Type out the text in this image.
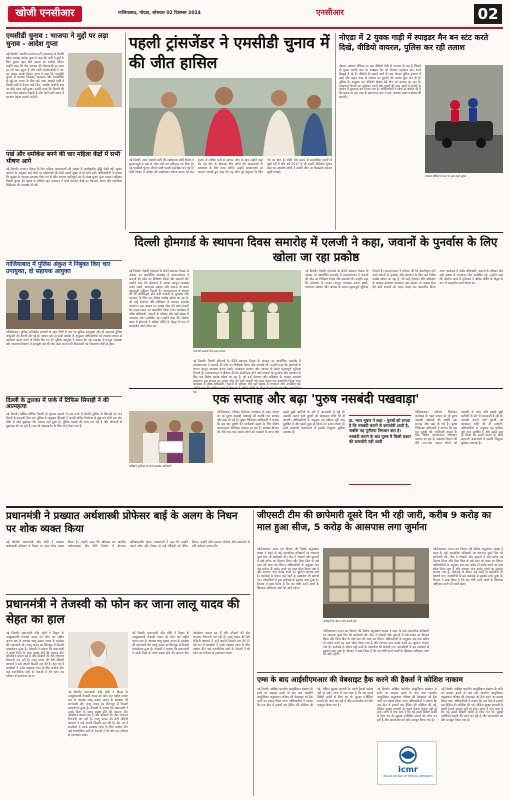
खोजी एनसीआर	गाजियाबाद, नोएडा, सोमवार 02 दिसम्बर 2024	एनसीआर	02
एमसीडी चुनाव : भाजपा ने मुद्दों पर लड़ा चुनाव - आदेश गुप्ता
नई दिल्ली। भारतीय जनता पार्टी (भाजपा) के दिल्ली प्रदेश अध्यक्ष आदेश गुप्ता ने कहा कि पार्टी ने मुद्दों के लिए चुनाव लड़ा और जनता का भरोसा जीता। उन्होंने कहा कि केंद्र सरकार की योजनाओं का लाभ हर वर्ग तक पहुंचा है और पार्टी कार्यकर्ताओं ने घर-घर जाकर संपर्क किया। गुप्ता ने कहा कि एमसीडी चुनाव में भाजपा विकास, स्वच्छता और पारदर्शिता के मुद्दे पर जनता के बीच गई। आम आदमी पार्टी ने पिछले वर्षों में केवल वादे किए, जबकि जमीनी स्तर पर कोई काम नहीं हुआ। उन्होंने कहा कि दिल्ली की जनता अब बदलाव चाहती है और आने वाले समय में भाजपा बेहतर प्रदर्शन करेगी।
पखं और धमोकेश बनने की चार महिला केंद्रों में सभी भीषण आगे
नई दिल्ली। मतदान दिवस के दिन महिला मतदाताओं की संख्या में उल्लेखनीय वृद्धि देखी गई। चुनाव आयोग के अनुसार कई केंद्रों पर महिलाओं की लंबी कतारें सुबह से ही लगी रहीं। अधिकारियों ने बताया कि सुरक्षा के व्यापक इंतजाम किए गए थे और मतदान शांतिपूर्ण ढंग से संपन्न हुआ। कुल मतदान प्रतिशत पिछले चुनाव की तुलना में अधिक रहा। प्रशासन ने सभी मतदान केंद्रों पर पेयजल, छाया और प्राथमिक चिकित्सा की व्यवस्था की थी।
गाजियाबाद में पुलिस अंकुश ने निबुक्त किए चार उपायुक्त, दो सहायक आयुक्त
गाजियाबाद। पुलिस कमिश्नरेट प्रणाली के तहत जिले में चार नए पुलिस उपायुक्त और दो सहायक पुलिस आयुक्तों की तैनाती की गई है। शासन स्तर से जारी आदेश के अनुसार अधिकारियों को तत्काल प्रभाव से कार्यभार ग्रहण करने के निर्देश दिए गए हैं। पुलिस आयुक्त ने बताया कि नई व्यवस्था से कानून व्यवस्था और अपराध नियंत्रण में मजबूती आएगी तथा आम जनता की शिकायतों का निस्तारण तेजी से होगा।
दिल्ली के द्वारका में पार्क में टिफिस सिपाही ने की आत्महत्या
नई दिल्ली। दक्षिण-पश्चिम दिल्ली के द्वारका इलाके में एक पार्क में दिल्ली पुलिस के सिपाही का शव मिलने से सनसनी फैल गई। पुलिस के अनुसार सिपाही ने अपनी सर्विस रिवॉल्वर से खुद को गोली मार ली। मौके से कोई सुसाइड नोट बरामद नहीं हुआ है। पुलिस मामले की जांच कर रही है और परिजनों से पूछताछ की जा रही है। शव को पोस्टमार्टम के लिए भेज दिया गया है।
पहली ट्रांसजेंडर ने एमसीडी चुनाव में की जीत हासिल
नई दिल्ली। आम आदमी पार्टी की उम्मीदवार बॉबी किन्नर ने सुल्तानपुरी-ए वार्ड से जीत दर्ज कर इतिहास रच दिया है। वह एमसीडी चुनाव जीतने वाली पहली ट्रांसजेंडर बन गई हैं। बॉबी किन्नर ने कांग्रेस की उम्मीदवार वरुणा ढाका को छह हजार से अधिक मतों से हराया। जीत के बाद उन्होंने कहा कि वह क्षेत्र के विकास और लोगों की समस्याओं के समाधान के लिए काम करेंगी। उन्होंने मतदाताओं का आभार जताते हुए कहा कि यह जीत पूरे समुदाय के लिए गर्व का क्षण है। बॉबी लंबे समय से सामाजिक कार्यों से जुड़ी रही हैं और वर्ष 2017 में भी उन्होंने निर्दलीय चुनाव लड़ा था। स्थानीय लोगों ने उनकी जीत पर मिठाइयां बांटकर खुशी जताई।
नोएडा में 2 युवक गाड़ी में स्पाइडर मैन बन स्टंट करते दिखे, वीडियो वायरल, पुलिस कर रही तलाश
नोएडा। सोशल मीडिया पर एक वीडियो तेजी से वायरल हो रहा है जिसमें दो युवक चलती कार पर स्पाइडर मैन की पोशाक पहनकर स्टंट करते दिखाई दे रहे हैं। वीडियो के सामने आने के बाद नोएडा पुलिस हरकत में आई और वाहन नंबर के आधार पर युवकों की तलाश शुरू कर दी है। पुलिस के अनुसार यह वीडियो सेक्टर-18 क्षेत्र का बताया जा रहा है। यातायात नियमों का उल्लंघन करने और दूसरों की जान खतरे में डालने के आरोप में मुकदमा दर्ज किया गया है। अधिकारियों ने लोगों से अपील की है कि सड़क पर इस तरह के खतरनाक स्टंट न करें, अन्यथा सख्त कार्रवाई की जाएगी।
वायरल वीडियो में कार पर स्टंट करते युवक
दिल्ली होमगार्ड के स्थापना दिवस समारोह में एलजी ने कहा, जवानों के पुनर्वास के लिए खोला जा रहा प्रकोष्ठ
नई दिल्ली। दिल्ली होमगार्ड के 62वें स्थापना दिवस के अवसर पर आयोजित समारोह में उपराज्यपाल ने जवानों की परेड का निरीक्षण किया और सलामी ली। उन्होंने कहा कि होमगार्ड के जवान कानून व्यवस्था बनाए रखने, यातायात प्रबंधन और आपदा के समय महत्वपूर्ण भूमिका निभाते हैं। उपराज्यपाल ने घोषणा की कि सेवानिवृत्त होने वाले जवानों के पुनर्वास और कल्याण के लिए एक विशेष प्रकोष्ठ खोला जा रहा है, जो उन्हें रोजगार और प्रशिक्षण के अवसर उपलब्ध कराएगा। इस अवसर पर उत्कृष्ट सेवा देने वाले जवानों को पदक प्रदान कर सम्मानित किया गया। कार्यक्रम में वरिष्ठ अधिकारी, जवानों के परिवार और बड़ी संख्या में गणमान्य लोग उपस्थित रहे। उन्होंने कहा कि कोरोना काल में होमगार्ड ने अग्रिम पंक्ति के योद्धा के रूप में सराहनीय कार्य किया था।
परेड की सलामी लेते उपराज्यपाल
नई दिल्ली। दिल्ली होमगार्ड के 62वें स्थापना दिवस के अवसर पर आयोजित समारोह में उपराज्यपाल ने जवानों की परेड का निरीक्षण किया और सलामी ली। उन्होंने कहा कि होमगार्ड के जवान कानून व्यवस्था बनाए रखने, यातायात प्रबंधन और आपदा के समय महत्वपूर्ण भूमिका निभाते हैं। उपराज्यपाल ने घोषणा की कि सेवानिवृत्त होने वाले जवानों के पुनर्वास और कल्याण के लिए एक विशेष प्रकोष्ठ खोला जा रहा है, जो उन्हें रोजगार और प्रशिक्षण के अवसर उपलब्ध कराएगा। इस अवसर पर उत्कृष्ट सेवा देने वाले जवानों को पदक प्रदान कर सम्मानित किया गया। कार्यक्रम में वरिष्ठ अधिकारी, जवानों के परिवार और बड़ी संख्या में गणमान्य लोग उपस्थित रहे। था।
नई दिल्ली। दिल्ली होमगार्ड के 62वें स्थापना दिवस के अवसर पर आयोजित समारोह में उपराज्यपाल ने जवानों की परेड का निरीक्षण किया और सलामी ली। उन्होंने कहा कि होमगार्ड के जवान कानून व्यवस्था बनाए रखने, यातायात प्रबंधन और आपदा के समय महत्वपूर्ण भूमिका निभाते हैं। उपराज्यपाल ने घोषणा की कि सेवानिवृत्त होने वाले जवानों के पुनर्वास और कल्याण के लिए एक विशेष प्रकोष्ठ खोला जा रहा है, जो उन्हें रोजगार और प्रशिक्षण के अवसर उपलब्ध कराएगा। इस अवसर पर उत्कृष्ट सेवा देने वाले जवानों को पदक प्रदान कर सम्मानित किया गया। कार्यक्रम में वरिष्ठ अधिकारी, जवानों के परिवार और बड़ी संख्या में गणमान्य लोग उपस्थित रहे। उन्होंने कहा कि कोरोना काल में होमगार्ड ने अग्रिम पंक्ति के योद्धा के रूप में सराहनीय कार्य किया था।
एक सप्ताह और बढ़ा 'पुरुष नसबंदी पखवाड़ा'
प्रशिक्षण पुस्तिका के साथ स्वास्थ्य अधिकारी
गाजियाबाद। परिवार नियोजन कार्यक्रम के तहत चलाए जा रहे पुरुष नसबंदी पखवाड़े की अवधि एक सप्ताह और बढ़ा दी गई है। मुख्य चिकित्सा अधिकारी ने बताया कि इस बार पुरुषों की भागीदारी बढ़ाने के लिए विशेष जागरूकता अभियान चलाया जा रहा है। स्वास्थ्य विभाग की टीमें गांव-गांव जाकर लोगों को नसबंदी के लाभ और इससे जुड़ी भ्रांतियों के बारे में जानकारी दे रही हैं। नसबंदी कराने वाले पुरुषों को प्रोत्साहन राशि भी दी जाएगी। अधिकारियों के अनुसार यह प्रक्रिया पूरी तरह सुरक्षित है और इसमें कुछ ही मिनट का समय लगता है। सभी सरकारी अस्पतालों में इसकी निशुल्क सुविधा उपलब्ध है।
डा. भरत भूषण ने कहा - पुरुषों को लगता है कि नसबंदी कराने से कमजोरी आती है, जबकि यह पूर्णतया निराधार बात है। नसबंदी कराने के बाद पुरुष में किसी प्रकार की कमजोरी नहीं आती
गाजियाबाद। परिवार नियोजन कार्यक्रम के तहत चलाए जा रहे पुरुष नसबंदी पखवाड़े की अवधि एक सप्ताह और बढ़ा दी गई है। मुख्य चिकित्सा अधिकारी ने बताया कि इस बार पुरुषों की भागीदारी बढ़ाने के लिए विशेष जागरूकता अभियान चलाया जा रहा है। स्वास्थ्य विभाग की टीमें गांव-गांव जाकर लोगों को नसबंदी के लाभ और इससे जुड़ी भ्रांतियों के बारे में जानकारी दे रही हैं। नसबंदी कराने वाले पुरुषों को प्रोत्साहन राशि भी दी जाएगी। अधिकारियों के अनुसार यह प्रक्रिया पूरी तरह सुरक्षित है और इसमें कुछ ही मिनट का समय लगता है। सभी सरकारी अस्पतालों में इसकी निशुल्क सुविधा उपलब्ध है।
प्रधानमंत्री ने प्रख्यात अर्थशास्त्री प्रोफेसर बाई के अलग के निधन पर शोक व्यक्त किया
नई दिल्ली। प्रधानमंत्री नरेंद्र मोदी ने प्रख्यात अर्थशास्त्री प्रोफेसर के निधन पर गहरा शोक व्यक्त किया है। उन्होंने कहा कि प्रोफेसर का भारतीय अर्थव्यवस्था और नीति निर्माण में योगदान अविस्मरणीय रहेगा। प्रधानमंत्री ने कहा कि उन्होंने अपने शोध और लेखन से कई पीढ़ियों को प्रेरित किया। उन्होंने शोक संतप्त परिवार और प्रशंसकों के प्रति संवेदना व्यक्त की।
प्रधानमंत्री ने तेजस्वी को फोन कर जाना लालू यादव की सेहत का हाल
नई दिल्ली। प्रधानमंत्री नरेंद्र मोदी ने बिहार के उपमुख्यमंत्री तेजस्वी यादव को फोन कर राष्ट्रीय जनता दल के अध्यक्ष लालू प्रसाद यादव के स्वास्थ्य की जानकारी ली। लालू यादव का सिंगापुर में किडनी प्रत्यारोपण हुआ है। तेजस्वी ने बताया कि प्रधानमंत्री ने उनके पिता के जल्द स्वस्थ होने की कामना की। ऑपरेशन सफल रहा है और डॉक्टरों की टीम लगातार निगरानी कर रही है। लालू यादव की बेटी रोहिणी आचार्य ने उन्हें अपनी किडनी दान की है। देश भर में समर्थकों ने उनके स्वास्थ्य लाभ के लिए प्रार्थना की। कई राजनीतिक दलों के नेताओं ने भी फोन कर परिवार से हालचाल जाना।
नई दिल्ली। प्रधानमंत्री नरेंद्र मोदी ने बिहार के उपमुख्यमंत्री तेजस्वी यादव को फोन कर राष्ट्रीय जनता दल के अध्यक्ष लालू प्रसाद यादव के स्वास्थ्य की जानकारी ली। लालू यादव का सिंगापुर में किडनी प्रत्यारोपण हुआ है। तेजस्वी ने बताया कि प्रधानमंत्री ने उनके पिता के जल्द स्वस्थ होने की कामना की। ऑपरेशन सफल रहा है और डॉक्टरों की टीम लगातार निगरानी कर रही है। लालू यादव की बेटी रोहिणी आचार्य ने उन्हें अपनी किडनी दान की है। देश भर में समर्थकों ने उनके स्वास्थ्य लाभ के लिए प्रार्थना की। कई राजनीतिक दलों के नेताओं ने भी फोन कर परिवार से हालचाल जाना।
नई दिल्ली। प्रधानमंत्री नरेंद्र मोदी ने बिहार के उपमुख्यमंत्री तेजस्वी यादव को फोन कर राष्ट्रीय जनता दल के अध्यक्ष लालू प्रसाद यादव के स्वास्थ्य की जानकारी ली। लालू यादव का सिंगापुर में किडनी प्रत्यारोपण हुआ है। तेजस्वी ने बताया कि प्रधानमंत्री ने उनके पिता के जल्द स्वस्थ होने की कामना की। ऑपरेशन सफल रहा है और डॉक्टरों की टीम लगातार निगरानी कर रही है। लालू यादव की बेटी रोहिणी आचार्य ने उन्हें अपनी किडनी दान की है। देश भर में समर्थकों ने उनके स्वास्थ्य लाभ के लिए प्रार्थना की। कई राजनीतिक दलों के नेताओं ने भी फोन कर परिवार से हालचाल जाना।
जीएसटी टीम की छापेमारी दूसरे दिन भी रही जारी, करीब 9 करोड़ का माल हुआ सीज, 5 करोड़ के आसपास लगा जुर्माना
गाजियाबाद। राज्य कर विभाग की विशेष अनुसंधान शाखा ने शहर के कई व्यापारिक प्रतिष्ठानों पर लगातार दूसरे दिन भी छापेमारी की। टीम ने गोदामों और दुकानों में रखे स्टॉक का मिलान किया और बिना बिल के रखे माल को जब्त कर लिया। अधिकारियों के अनुसार अब तक करीब नौ करोड़ रुपये का माल सीज किया गया है और लगभग पांच करोड़ रुपये का जुर्माना लगाया गया है। कार्रवाई के दौरान कई फर्मों के दस्तावेज भी खंगाले गए। व्यापारियों में इस कार्रवाई से हड़कंप मचा हुआ है। विभाग ने स्पष्ट किया है कि कर चोरी करने वालों के खिलाफ अभियान आगे भी जारी रहेगा।
छापेमारी के दौरान जांच करती टीम
गाजियाबाद। राज्य कर विभाग की विशेष अनुसंधान शाखा ने शहर के कई व्यापारिक प्रतिष्ठानों पर लगातार दूसरे दिन भी छापेमारी की। टीम ने गोदामों और दुकानों में रखे स्टॉक का मिलान किया और बिना बिल के रखे माल को जब्त कर लिया। अधिकारियों के अनुसार अब तक करीब नौ करोड़ रुपये का माल सीज किया गया है और लगभग पांच करोड़ रुपये का जुर्माना लगाया गया है। कार्रवाई के दौरान कई फर्मों के दस्तावेज भी खंगाले गए। व्यापारियों में इस कार्रवाई से हड़कंप मचा हुआ है। विभाग ने स्पष्ट किया है कि कर चोरी करने वालों के खिलाफ अभियान आगे भी जारी रहेगा।
गाजियाबाद। राज्य कर विभाग की विशेष अनुसंधान शाखा ने शहर के कई व्यापारिक प्रतिष्ठानों पर लगातार दूसरे दिन भी छापेमारी की। टीम ने गोदामों और दुकानों में रखे स्टॉक का मिलान किया और बिना बिल के रखे माल को जब्त कर लिया। अधिकारियों के अनुसार अब तक करीब नौ करोड़ रुपये का माल सीज किया गया है और लगभग पांच करोड़ रुपये का जुर्माना लगाया गया है। कार्रवाई के दौरान कई फर्मों के दस्तावेज भी खंगाले गए। व्यापारियों में इस कार्रवाई से हड़कंप मचा हुआ है। विभाग ने स्पष्ट किया है कि कर चोरी करने वालों के खिलाफ अभियान आगे भी जारी रहेगा।
एम्स के बाद आईसीएमआर की वेबसाइट हैक करने की हैकर्स ने कोशिश नाकाम
नई दिल्ली। अखिल भारतीय आयुर्विज्ञान संस्थान के सर्वर पर साइबर हमले के बाद अब भारतीय आयुर्विज्ञान अनुसंधान परिषद की वेबसाइट को हैक करने का प्रयास किया गया। अधिकारियों ने बताया कि एक दिन में हजारों बार हैकिंग की कोशिश की गई, लेकिन सुरक्षा प्रणाली के चलते हैकर्स सफल नहीं हो सके। जांच में पता चला है कि यह हमले विदेशी सर्वरों से किए गए थे। सुरक्षा एजेंसियां मामले की जांच कर रही हैं और फायरवॉल को और मजबूत किया गया है।
icmr
INDIAN COUNCIL OF MEDICAL RESEARCH
नई दिल्ली। अखिल भारतीय आयुर्विज्ञान संस्थान के सर्वर पर साइबर हमले के बाद अब भारतीय आयुर्विज्ञान अनुसंधान परिषद की वेबसाइट को हैक करने का प्रयास किया गया। अधिकारियों ने बताया कि एक दिन में हजारों बार हैकिंग की कोशिश की गई, लेकिन सुरक्षा प्रणाली के चलते हैकर्स सफल नहीं हो सके। जांच में पता चला है कि यह हमले विदेशी सर्वरों से किए गए थे। सुरक्षा एजेंसियां मामले की जांच कर रही हैं और फायरवॉल को और मजबूत किया गया है।
नई दिल्ली। अखिल भारतीय आयुर्विज्ञान संस्थान के सर्वर पर साइबर हमले के बाद अब भारतीय आयुर्विज्ञान अनुसंधान परिषद की वेबसाइट को हैक करने का प्रयास किया गया। अधिकारियों ने बताया कि एक दिन में हजारों बार हैकिंग की कोशिश की गई, लेकिन सुरक्षा प्रणाली के चलते हैकर्स सफल नहीं हो सके। जांच में पता चला है कि यह हमले विदेशी सर्वरों से किए गए थे। सुरक्षा एजेंसियां मामले की जांच कर रही हैं और फायरवॉल को और मजबूत किया गया है।
